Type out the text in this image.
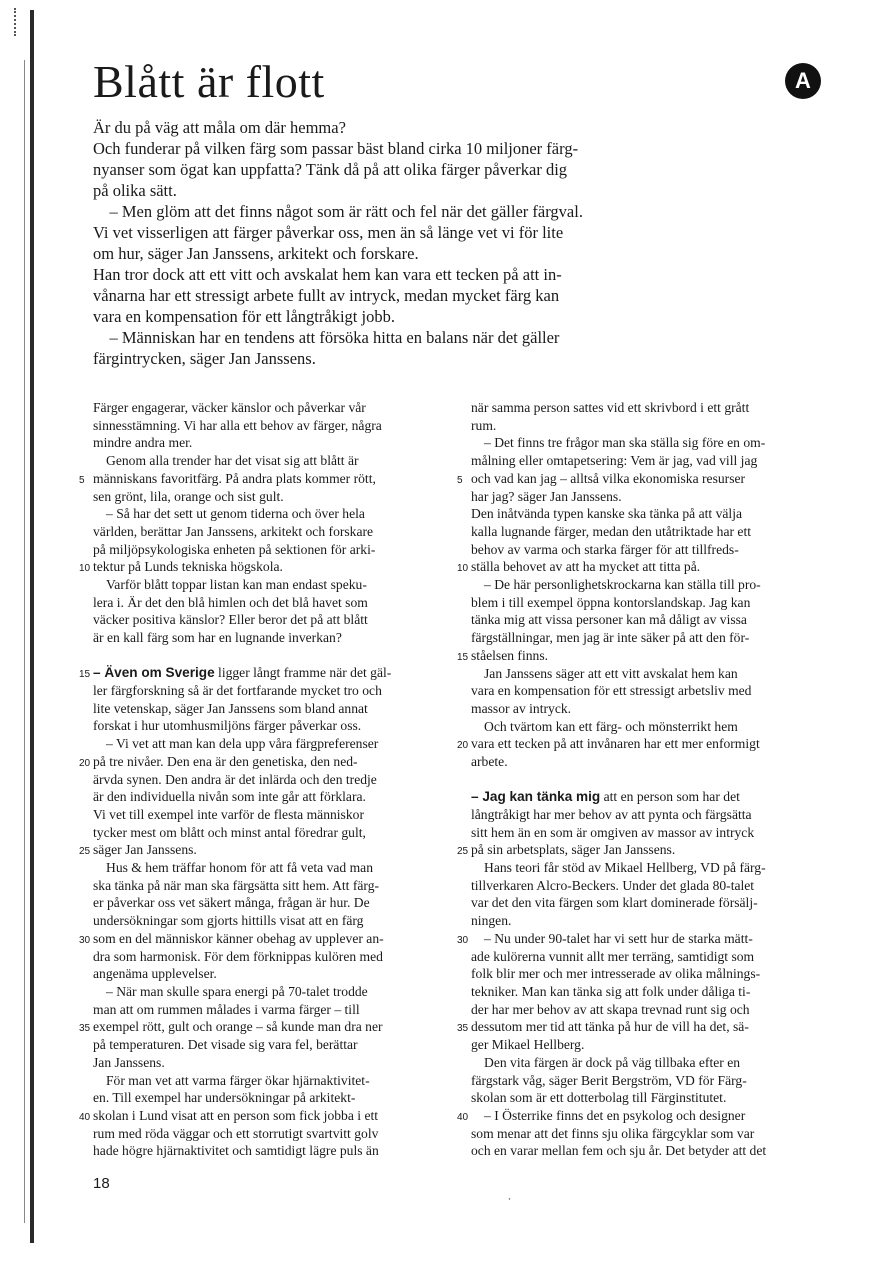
Blått är flott	A
Är du på väg att måla om där hemma?
Och funderar på vilken färg som passar bäst bland cirka 10 miljoner färg-
nyanser som ögat kan uppfatta? Tänk då på att olika färger påverkar dig
på olika sätt.
 – Men glöm att det finns något som är rätt och fel när det gäller färgval.
Vi vet visserligen att färger påverkar oss, men än så länge vet vi för lite
om hur, säger Jan Janssens, arkitekt och forskare.
Han tror dock att ett vitt och avskalat hem kan vara ett tecken på att in-
vånarna har ett stressigt arbete fullt av intryck, medan mycket färg kan
vara en kompensation för ett långtråkigt jobb.
 – Människan har en tendens att försöka hitta en balans när det gäller
färgintrycken, säger Jan Janssens.
Färger engagerar, väcker känslor och påverkar vår
sinnesstämning. Vi har alla ett behov av färger, några
mindre andra mer.
Genom alla trender har det visat sig att blått är
5 människans favoritfärg. På andra plats kommer rött,
sen grönt, lila, orange och sist gult.
– Så har det sett ut genom tiderna och över hela
världen, berättar Jan Janssens, arkitekt och forskare
på miljöpsykologiska enheten på sektionen för arki-
10 tektur på Lunds tekniska högskola.
Varför blått toppar listan kan man endast speku-
lera i. Är det den blå himlen och det blå havet som
väcker positiva känslor? Eller beror det på att blått
är en kall färg som har en lugnande inverkan?
15 – Även om Sverige ligger långt framme när det gäl-
ler färgforskning så är det fortfarande mycket tro och
lite vetenskap, säger Jan Janssens som bland annat
forskat i hur utomhusmiljöns färger påverkar oss.
– Vi vet att man kan dela upp våra färgpreferenser
20 på tre nivåer. Den ena är den genetiska, den ned-
ärvda synen. Den andra är det inlärda och den tredje
är den individuella nivån som inte går att förklara.
Vi vet till exempel inte varför de flesta människor
tycker mest om blått och minst antal föredrar gult,
25 säger Jan Janssens.
Hus & hem träffar honom för att få veta vad man
ska tänka på när man ska färgsätta sitt hem. Att färg-
er påverkar oss vet säkert många, frågan är hur. De
undersökningar som gjorts hittills visat att en färg
30 som en del människor känner obehag av upplever an-
dra som harmonisk. För dem förknippas kulören med
angenäma upplevelser.
– När man skulle spara energi på 70-talet trodde
man att om rummen målades i varma färger – till
35 exempel rött, gult och orange – så kunde man dra ner
på temperaturen. Det visade sig vara fel, berättar
Jan Janssens.
För man vet att varma färger ökar hjärnaktivitet-
en. Till exempel har undersökningar på arkitekt-
40 skolan i Lund visat att en person som fick jobba i ett
rum med röda väggar och ett storrutigt svartvitt golv
hade högre hjärnaktivitet och samtidigt lägre puls än
när samma person sattes vid ett skrivbord i ett grått
rum.
– Det finns tre frågor man ska ställa sig före en om-
målning eller omtapetsering: Vem är jag, vad vill jag
5 och vad kan jag – alltså vilka ekonomiska resurser
har jag? säger Jan Janssens.
Den inåtvända typen kanske ska tänka på att välja
kalla lugnande färger, medan den utåtriktade har ett
behov av varma och starka färger för att tillfreds-
10 ställa behovet av att ha mycket att titta på.
– De här personlighetskrockarna kan ställa till pro-
blem i till exempel öppna kontorslandskap. Jag kan
tänka mig att vissa personer kan må dåligt av vissa
färgställningar, men jag är inte säker på att den för-
15 ståelsen finns.
Jan Janssens säger att ett vitt avskalat hem kan
vara en kompensation för ett stressigt arbetsliv med
massor av intryck.
Och tvärtom kan ett färg- och mönsterrikt hem
20 vara ett tecken på att invånaren har ett mer enformigt
arbete.
– Jag kan tänka mig att en person som har det
långtråkigt har mer behov av att pynta och färgsätta
sitt hem än en som är omgiven av massor av intryck
25 på sin arbetsplats, säger Jan Janssens.
Hans teori får stöd av Mikael Hellberg, VD på färg-
tillverkaren Alcro-Beckers. Under det glada 80-talet
var det den vita färgen som klart dominerade försälj-
ningen.
30 – Nu under 90-talet har vi sett hur de starka mätt-
ade kulörerna vunnit allt mer terräng, samtidigt som
folk blir mer och mer intresserade av olika målnings-
tekniker. Man kan tänka sig att folk under dåliga ti-
der har mer behov av att skapa trevnad runt sig och
35 dessutom mer tid att tänka på hur de vill ha det, sä-
ger Mikael Hellberg.
Den vita färgen är dock på väg tillbaka efter en
färgstark våg, säger Berit Bergström, VD för Färg-
skolan som är ett dotterbolag till Färginstitutet.
40 – I Österrike finns det en psykolog och designer
som menar att det finns sju olika färgcyklar som var
och en varar mellan fem och sju år. Det betyder att det
18
⸳
